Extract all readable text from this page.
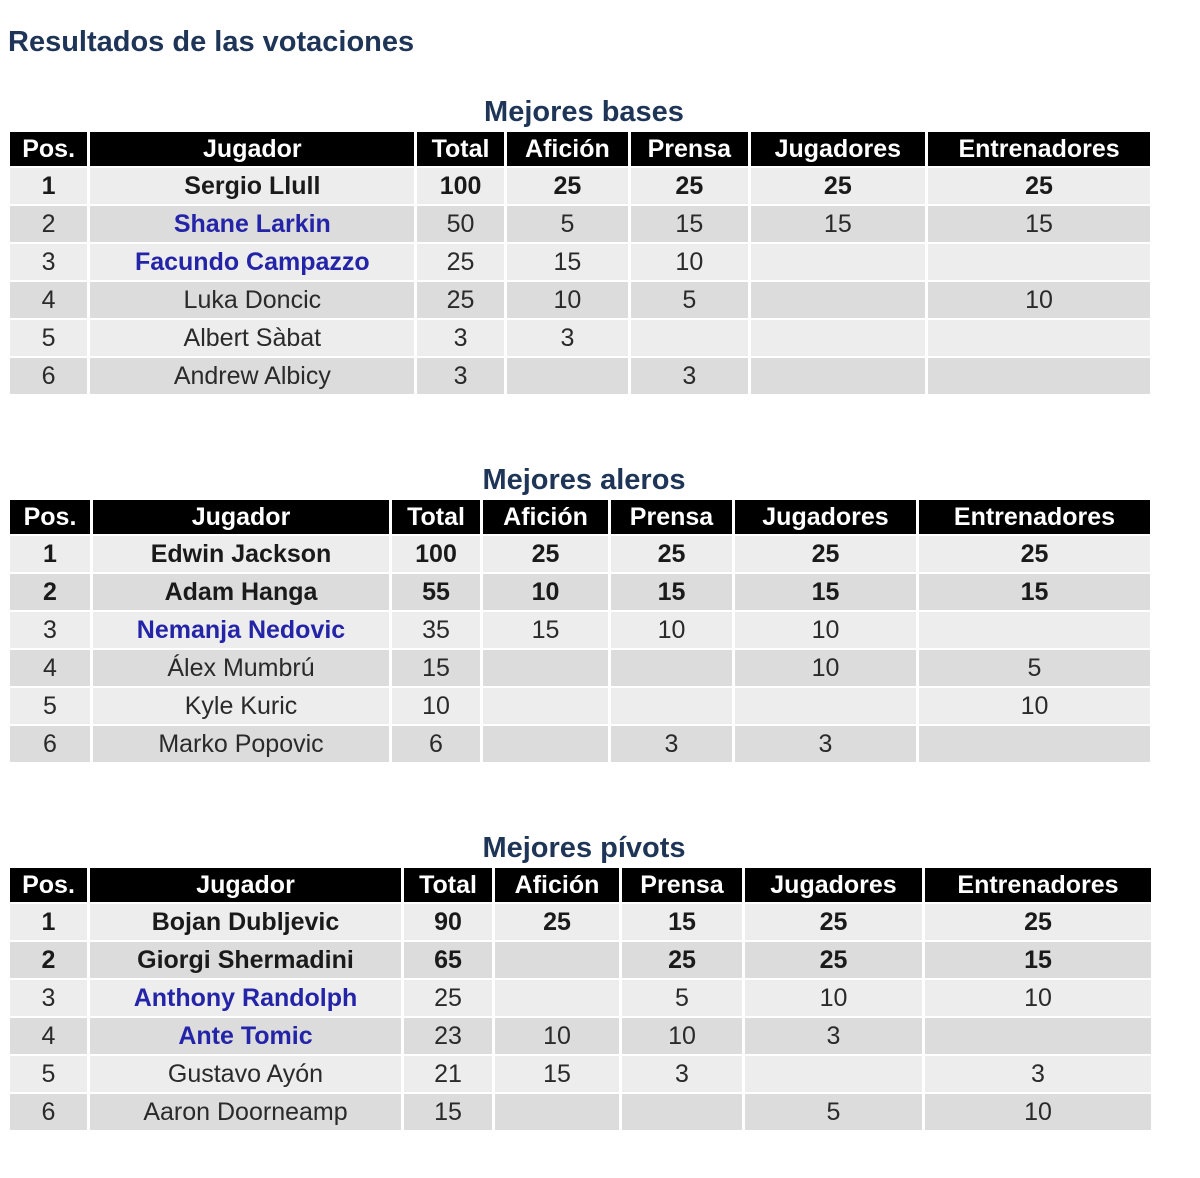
Resultados de las votaciones
Mejores bases
Pos.	Jugador	Total	Afición	Prensa	Jugadores	Entrenadores
1	Sergio Llull	100	25	25	25	25
2	Shane Larkin	50	5	15	15	15
3	Facundo Campazzo	25	15	10		
4	Luka Doncic	25	10	5		10
5	Albert Sàbat	3	3			
6	Andrew Albicy	3		3		
Mejores aleros
Pos.	Jugador	Total	Afición	Prensa	Jugadores	Entrenadores
1	Edwin Jackson	100	25	25	25	25
2	Adam Hanga	55	10	15	15	15
3	Nemanja Nedovic	35	15	10	10	
4	Álex Mumbrú	15			10	5
5	Kyle Kuric	10				10
6	Marko Popovic	6		3	3	
Mejores pívots
Pos.	Jugador	Total	Afición	Prensa	Jugadores	Entrenadores
1	Bojan Dubljevic	90	25	15	25	25
2	Giorgi Shermadini	65		25	25	15
3	Anthony Randolph	25		5	10	10
4	Ante Tomic	23	10	10	3	
5	Gustavo Ayón	21	15	3		3
6	Aaron Doorneamp	15			5	10
